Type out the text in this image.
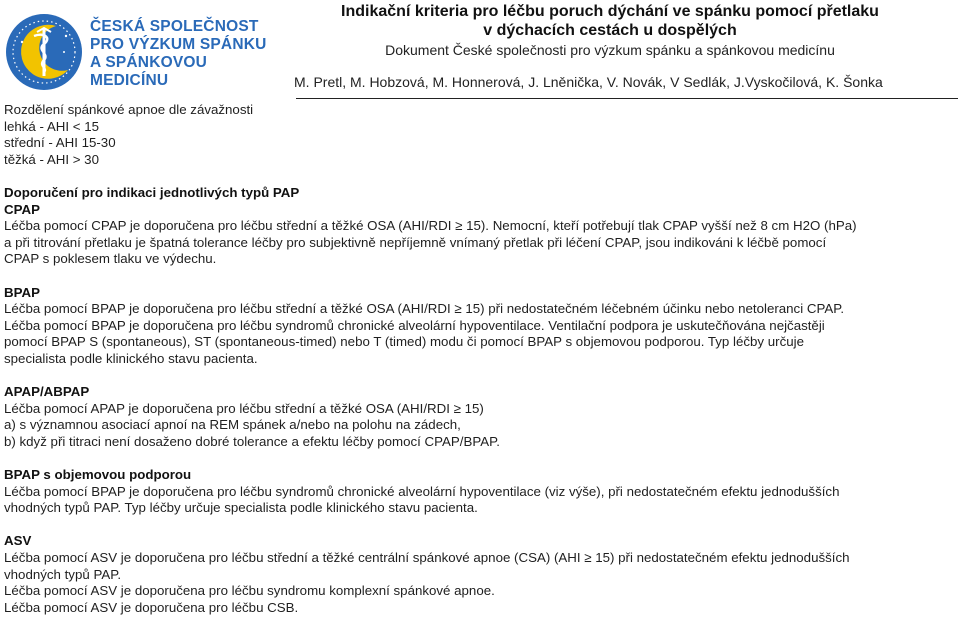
ČESKÁ SPOLEČNOST
PRO VÝZKUM SPÁNKU
A SPÁNKOVOU
MEDICÍNU
Indikační kriteria pro léčbu poruch dýchání ve spánku pomocí přetlaku
v dýchacích cestách u dospělých
Dokument České společnosti pro výzkum spánku a spánkovou medicínu
M. Pretl, M. Hobzová, M. Honnerová, J. Lněnička, V. Novák, V Sedlák, J.Vyskočilová, K. Šonka
Rozdělení spánkové apnoe dle závažnosti
lehká - AHI < 15
střední - AHI 15-30
těžká - AHI > 30
Doporučení pro indikaci jednotlivých typů PAP
CPAP
Léčba pomocí CPAP je doporučena pro léčbu střední a těžké OSA (AHI/RDI ≥ 15). Nemocní, kteří potřebují tlak CPAP vyšší než 8 cm H2O (hPa)
a při titrování přetlaku je špatná tolerance léčby pro subjektivně nepříjemně vnímaný přetlak při léčení CPAP, jsou indikováni k léčbě pomocí
CPAP s poklesem tlaku ve výdechu.
BPAP
Léčba pomocí BPAP je doporučena pro léčbu střední a těžké OSA (AHI/RDI ≥ 15) při nedostatečném léčebném účinku nebo netoleranci CPAP.
Léčba pomocí BPAP je doporučena pro léčbu syndromů chronické alveolární hypoventilace. Ventilační podpora je uskutečňována nejčastěji
pomocí BPAP S (spontaneous), ST (spontaneous-timed) nebo T (timed) modu či pomocí BPAP s objemovou podporou. Typ léčby určuje
specialista podle klinického stavu pacienta.
APAP/ABPAP
Léčba pomocí APAP je doporučena pro léčbu střední a těžké OSA (AHI/RDI ≥ 15)
a) s významnou asociací apnoí na REM spánek a/nebo na polohu na zádech,
b) když při titraci není dosaženo dobré tolerance a efektu léčby pomocí CPAP/BPAP.
BPAP s objemovou podporou
Léčba pomocí BPAP je doporučena pro léčbu syndromů chronické alveolární hypoventilace (viz výše), při nedostatečném efektu jednodušších
vhodných typů PAP. Typ léčby určuje specialista podle klinického stavu pacienta.
ASV
Léčba pomocí ASV je doporučena pro léčbu střední a těžké centrální spánkové apnoe (CSA) (AHI ≥ 15) při nedostatečném efektu jednodušších
vhodných typů PAP.
Léčba pomocí ASV je doporučena pro léčbu syndromu komplexní spánkové apnoe.
Léčba pomocí ASV je doporučena pro léčbu CSB.
